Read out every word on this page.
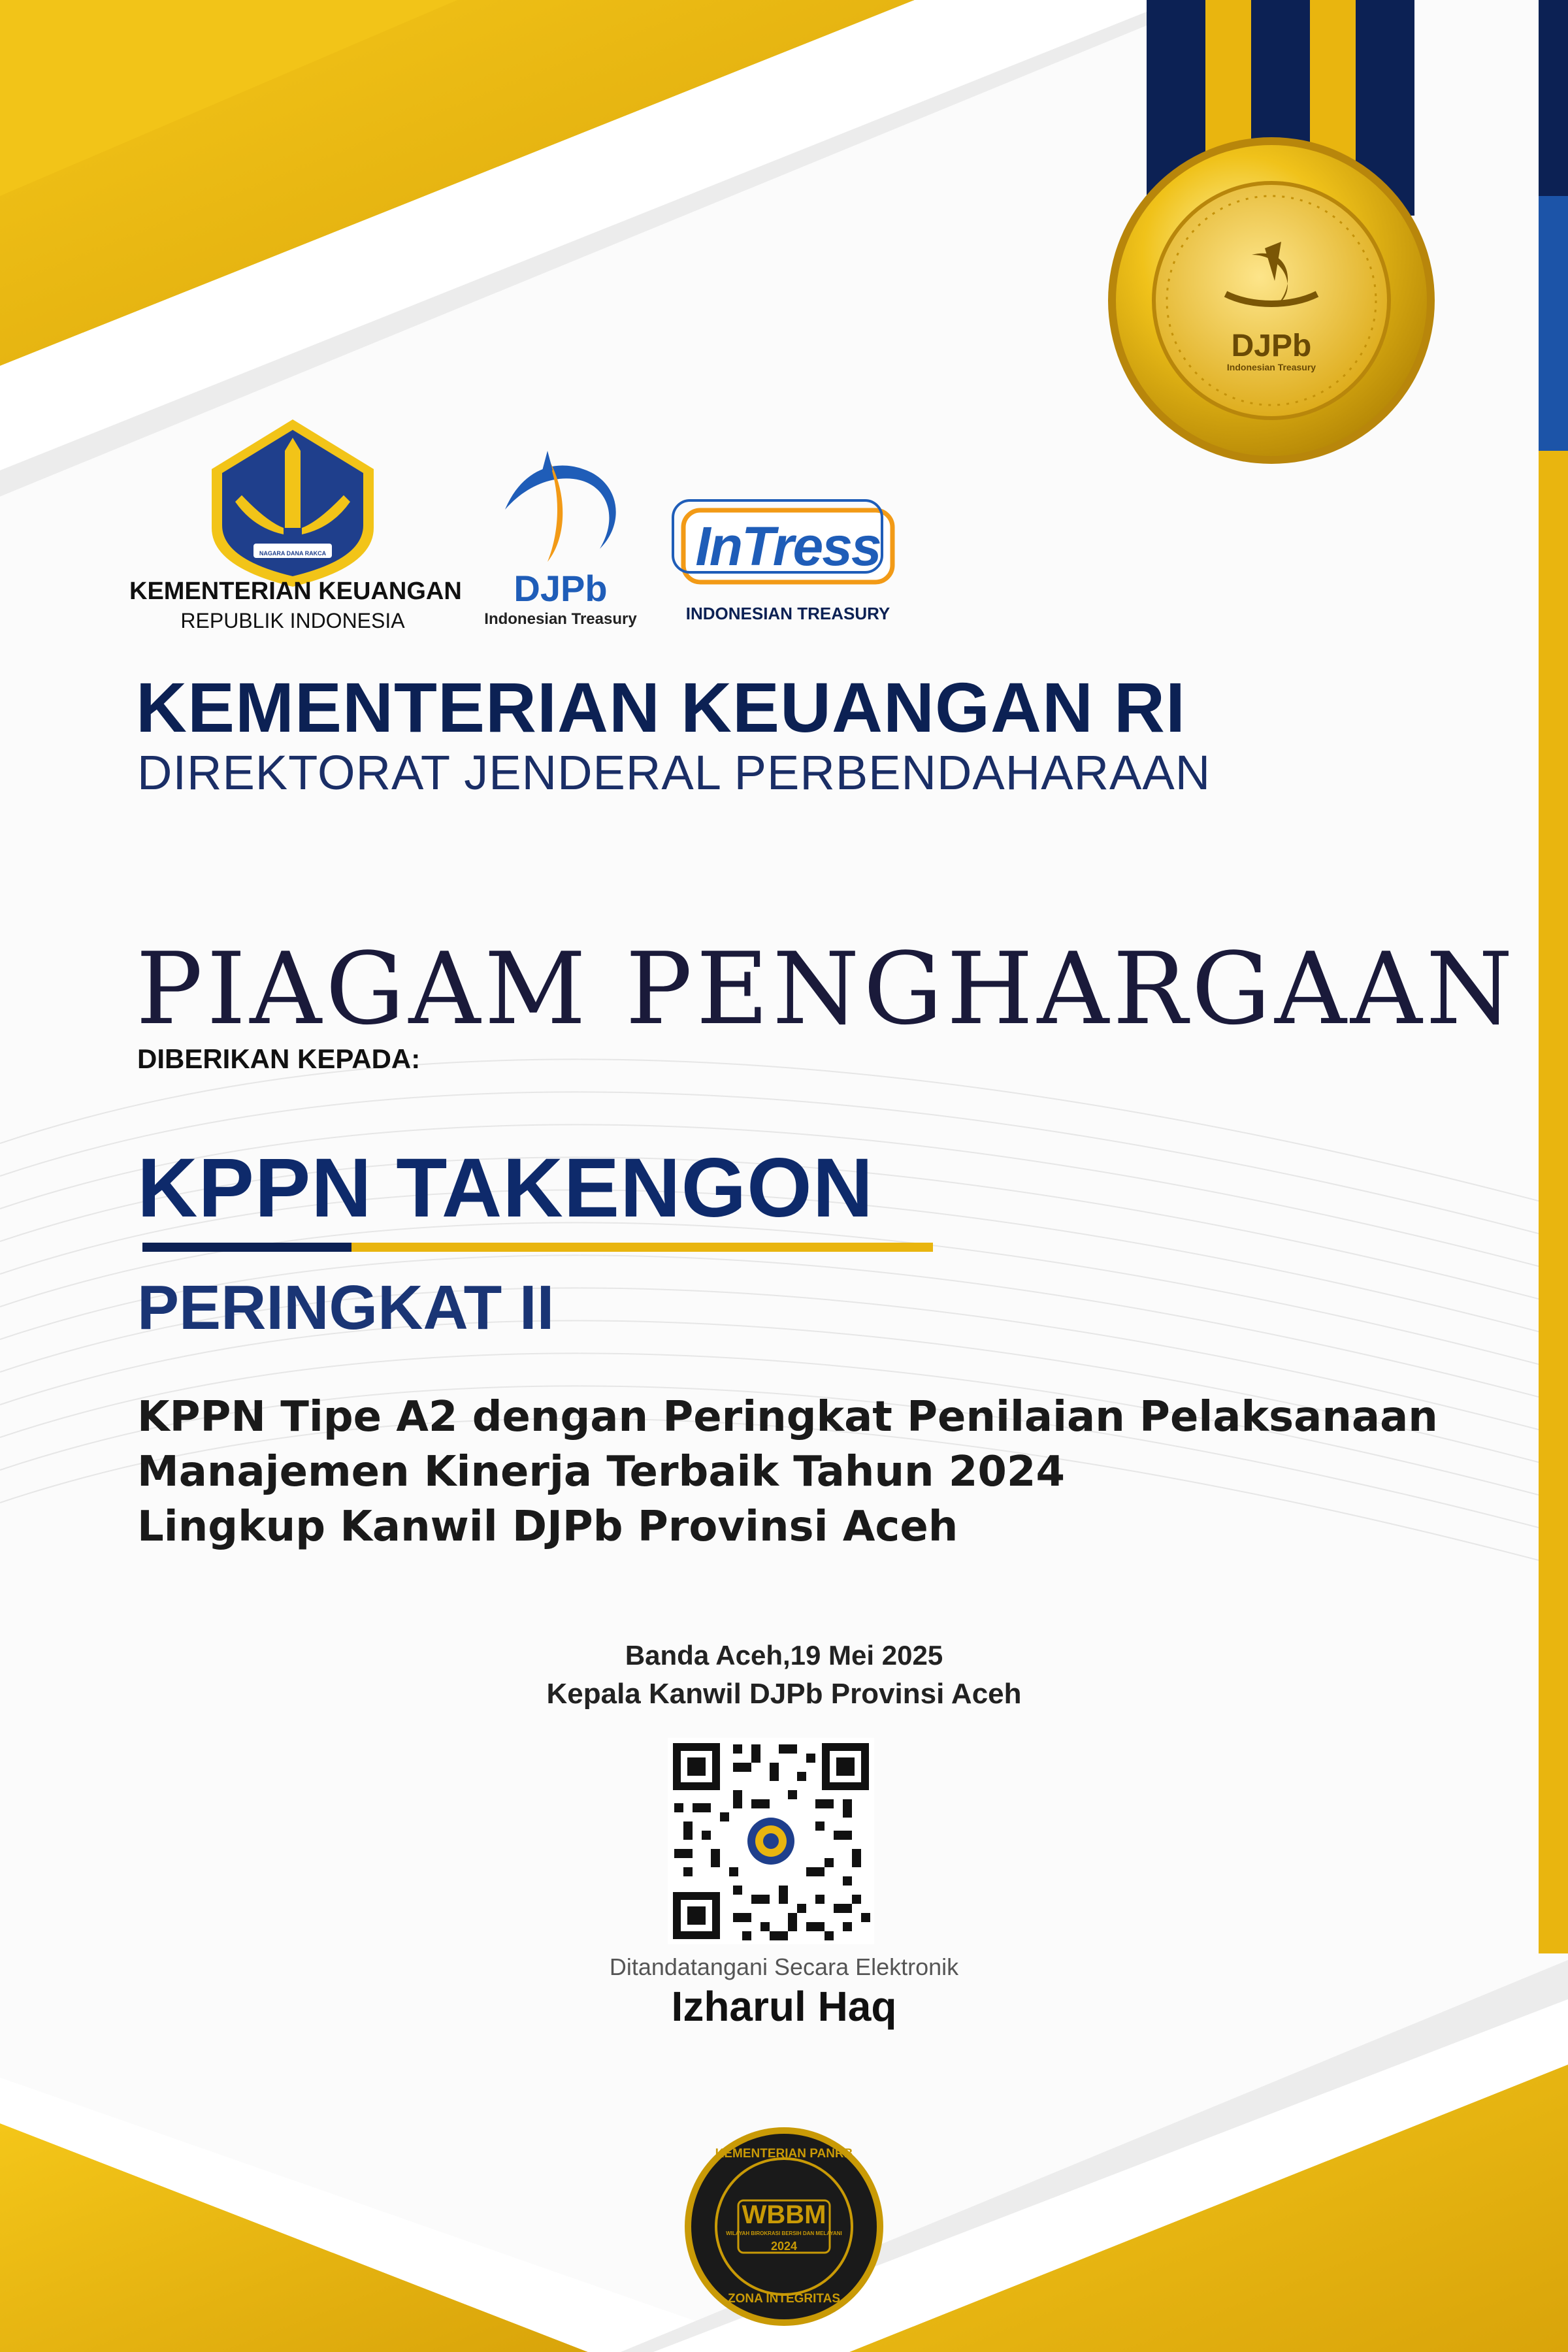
KEMENTERIAN KEUANGAN
REPUBLIK INDONESIA
NAGARA DANA RAKCA
DJPb
Indonesian Treasury
InTress
INDONESIAN TREASURY
DJPb
Indonesian Treasury
KEMENTERIAN PANRB
WBBM
WILAYAH BIROKRASI BERSIH DAN MELAYANI
2024
ZONA INTEGRITAS
KEMENTERIAN KEUANGAN RI
DIREKTORAT JENDERAL PERBENDAHARAAN
PIAGAM PENGHARGAAN
DIBERIKAN KEPADA:
KPPN TAKENGON
PERINGKAT II
KPPN Tipe A2 dengan Peringkat Penilaian Pelaksanaan
Manajemen Kinerja Terbaik Tahun 2024
Lingkup Kanwil DJPb Provinsi Aceh
Banda Aceh,19 Mei 2025
Kepala Kanwil DJPb Provinsi Aceh
Ditandatangani Secara Elektronik
Izharul Haq
